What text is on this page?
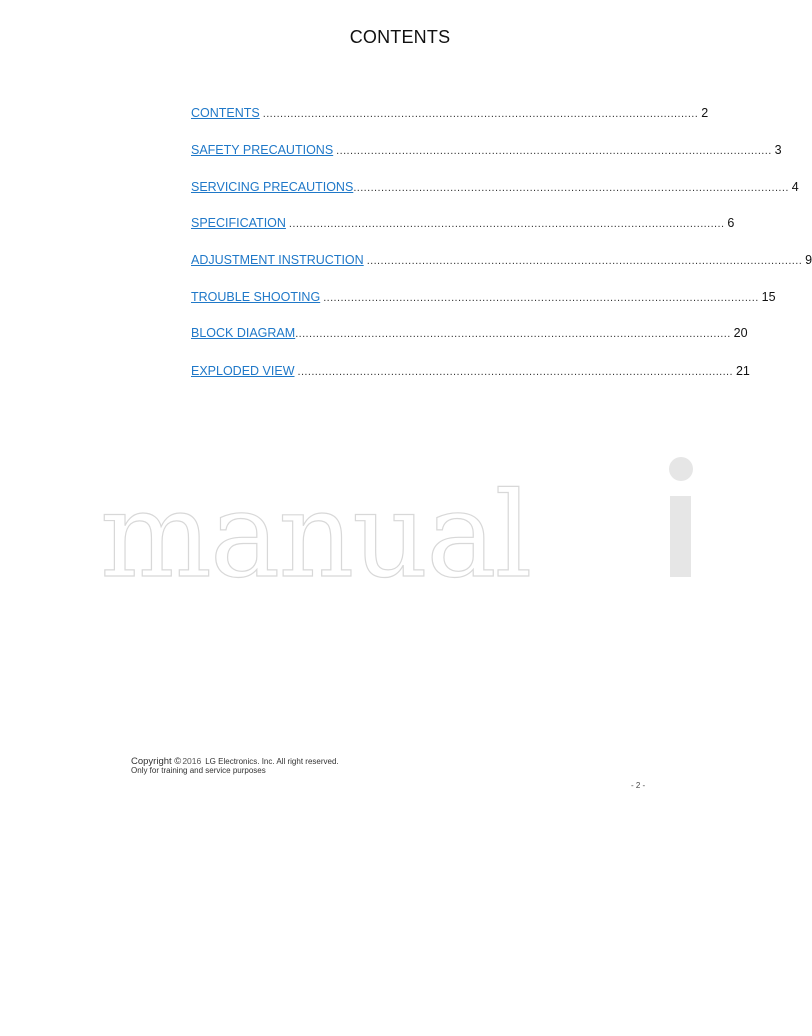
CONTENTS
CONTENTS .............................................................................................................................. 2
SAFETY PRECAUTIONS .............................................................................................................................. 3
SERVICING PRECAUTIONS .............................................................................................................................. 4
SPECIFICATION .............................................................................................................................. 6
ADJUSTMENT INSTRUCTION .............................................................................................................................. 9
TROUBLE SHOOTING .............................................................................................................................. 15
BLOCK DIAGRAM .............................................................................................................................. 20
EXPLODED VIEW .............................................................................................................................. 21
manual
Copyright © 2016 LG Electronics. Inc. All right reserved.
Only for training and service purposes
- 2 -
